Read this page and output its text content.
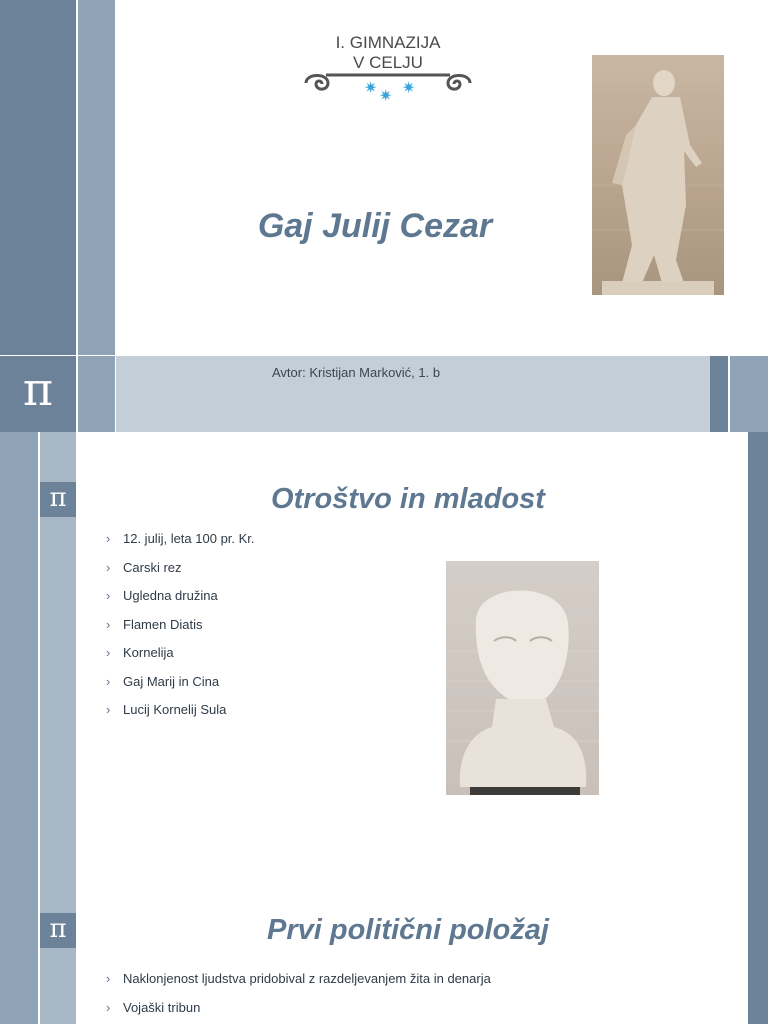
I. GIMNAZIJA
V CELJU
✷ ✷ ✷
Gaj Julij Cezar
π	Avtor: Kristijan Marković, 1. b
π	Otroštvo in mladost
› 12. julij, leta 100 pr. Kr.
› Carski rez
› Ugledna družina
› Flamen Diatis
› Kornelija
› Gaj Marij in Cina
› Lucij Kornelij Sula
π	Prvi politični položaj
› Naklonjenost ljudstva pridobival z razdeljevanjem žita in denarja
› Vojaški tribun
